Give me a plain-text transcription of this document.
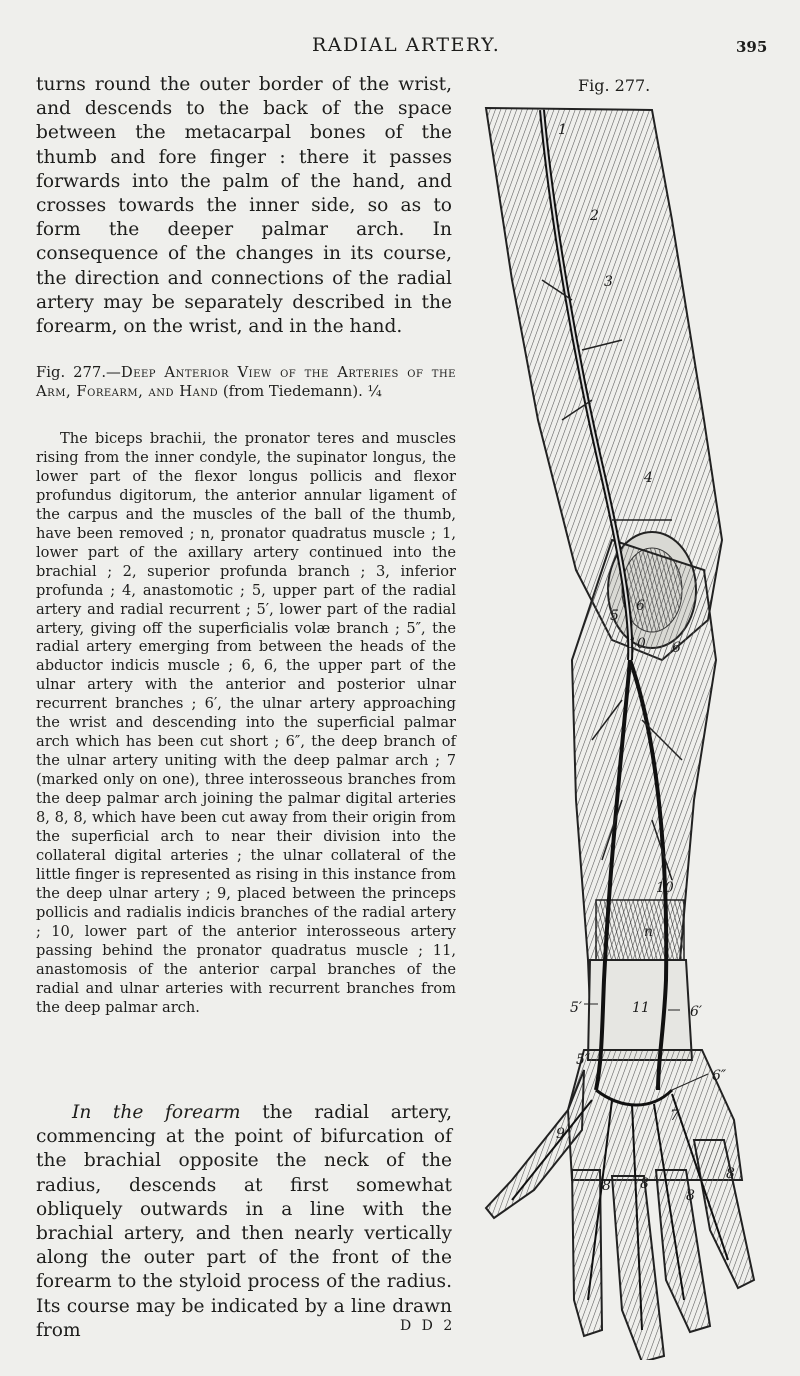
RADIAL ARTERY.	395
Fig. 277.

turns round the outer border of the wrist, and descends to the back of the space between the metacarpal bones of the thumb and fore finger : there it passes forwards into the palm of the hand, and crosses towards the inner side, so as to form the deeper palmar arch. In consequence of the changes in its course, the direction and connections of the radial artery may be separately described in the forearm, on the wrist, and in the hand.

Fig. 277.—Deep Anterior View of the Arteries of the Arm, Forearm, and Hand (from Tiedemann). ¼

The biceps brachii, the pronator teres and muscles rising from the inner condyle, the supinator longus, the lower part of the flexor longus pollicis and flexor profundus digitorum, the anterior annular ligament of the carpus and the muscles of the ball of the thumb, have been removed ; n, pronator quadratus muscle ; 1, lower part of the axillary artery continued into the brachial ; 2, superior profunda branch ; 3, inferior profunda ; 4, anastomotic ; 5, upper part of the radial artery and radial recurrent ; 5′, lower part of the radial artery, giving off the superficialis volæ branch ; 5″, the radial artery emerging from between the heads of the abductor indicis muscle ; 6, 6, the upper part of the ulnar artery with the anterior and posterior ulnar recurrent branches ; 6′, the ulnar artery approaching the wrist and descending into the superficial palmar arch which has been cut short ; 6″, the deep branch of the ulnar artery uniting with the deep palmar arch ; 7 (marked only on one), three interosseous branches from the deep palmar arch joining the palmar digital arteries 8, 8, 8, which have been cut away from their origin from the superficial arch to near their division into the collateral digital arteries ; the ulnar collateral of the little finger is represented as rising in this instance from the deep ulnar artery ; 9, placed between the princeps pollicis and radialis indicis branches of the radial artery ; 10, lower part of the anterior interosseous artery passing behind the pronator quadratus muscle ; 11, anastomosis of the anterior carpal branches of the radial and ulnar arteries with recurrent branches from the deep palmar arch.

In the forearm the radial artery, commencing at the point of bifurcation of the brachial opposite the neck of the radius, descends at first somewhat obliquely outwards in a line with the brachial artery, and then nearly vertically along the outer part of the front of the forearm to the styloid process of the radius. Its course may be indicated by a line drawn from	D D 2
1
2
3
4
5
5′
5″
6
6
6′
6″
7
8 8
8
8
9
10
10
11
n
